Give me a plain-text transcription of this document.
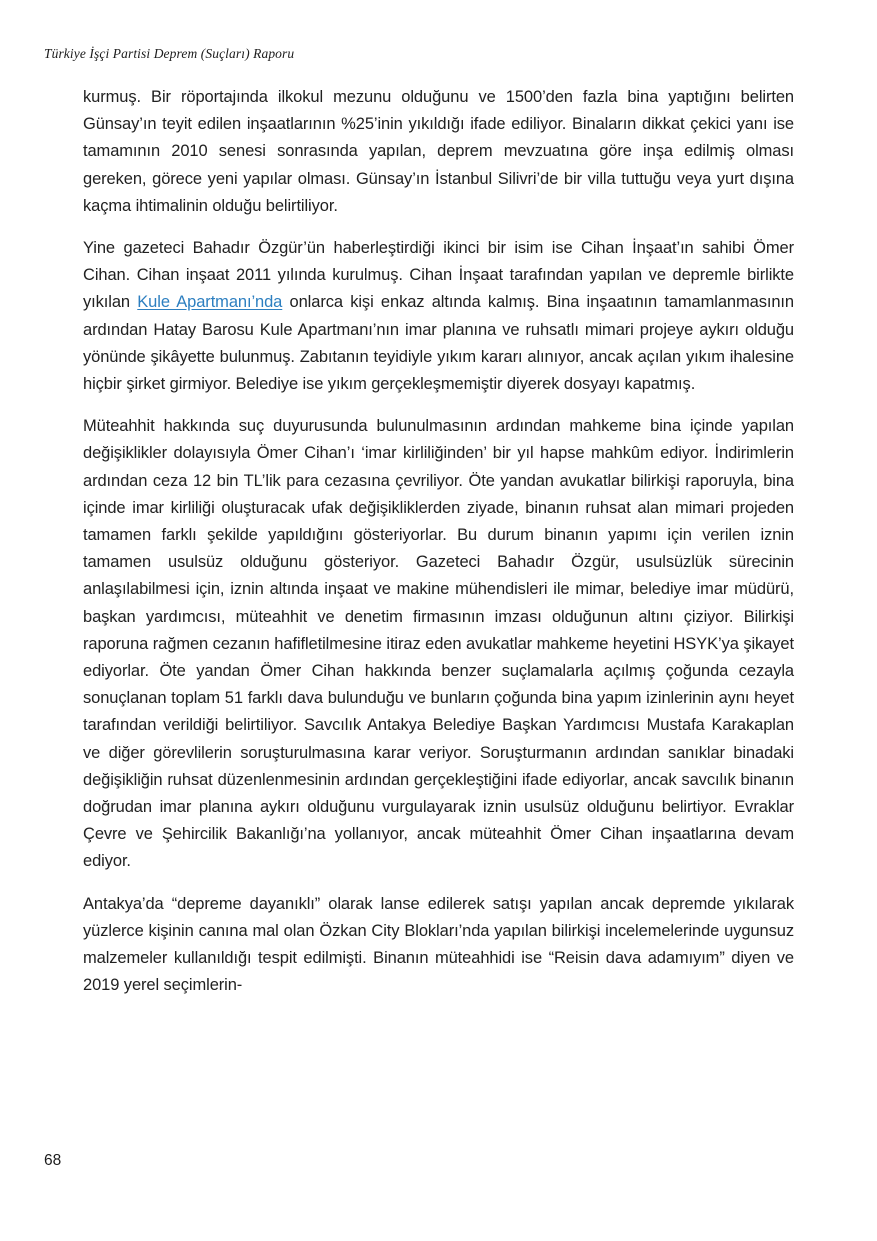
Türkiye İşçi Partisi Deprem (Suçları) Raporu

kurmuş. Bir röportajında ilkokul mezunu olduğunu ve 1500’den fazla bina yaptığını belirten Günsay’ın teyit edilen inşaatlarının %25’inin yıkıldığı ifade ediliyor. Binaların dikkat çekici yanı ise tamamının 2010 senesi sonrasında yapılan, deprem mevzuatına göre inşa edilmiş olması gereken, görece yeni yapılar olması. Günsay’ın İstanbul Silivri’de bir villa tuttuğu veya yurt dışına kaçma ihtimalinin olduğu belirtiliyor.

Yine gazeteci Bahadır Özgür’ün haberleştirdiği ikinci bir isim ise Cihan İnşaat’ın sahibi Ömer Cihan. Cihan inşaat 2011 yılında kurulmuş. Cihan İnşaat tarafından yapılan ve depremle birlikte yıkılan Kule Apartmanı’nda onlarca kişi enkaz altında kalmış. Bina inşaatının tamamlanmasının ardından Hatay Barosu Kule Apartmanı’nın imar planına ve ruhsatlı mimari projeye aykırı olduğu yönünde şikâyette bulunmuş. Zabıtanın teyidiyle yıkım kararı alınıyor, ancak açılan yıkım ihalesine hiçbir şirket girmiyor. Belediye ise yıkım gerçekleşmemiştir diyerek dosyayı kapatmış.

Müteahhit hakkında suç duyurusunda bulunulmasının ardından mahkeme bina içinde yapılan değişiklikler dolayısıyla Ömer Cihan’ı ‘imar kirliliğinden’ bir yıl hapse mahkûm ediyor. İndirimlerin ardından ceza 12 bin TL’lik para cezasına çevriliyor. Öte yandan avukatlar bilirkişi raporuyla, bina içinde imar kirliliği oluşturacak ufak değişikliklerden ziyade, binanın ruhsat alan mimari projeden tamamen farklı şekilde yapıldığını gösteriyorlar. Bu durum binanın yapımı için verilen iznin tamamen usulsüz olduğunu gösteriyor. Gazeteci Bahadır Özgür, usulsüzlük sürecinin anlaşılabilmesi için, iznin altında inşaat ve makine mühendisleri ile mimar, belediye imar müdürü, başkan yardımcısı, müteahhit ve denetim firmasının imzası olduğunun altını çiziyor. Bilirkişi raporuna rağmen cezanın hafifletilmesine itiraz eden avukatlar mahkeme heyetini HSYK’ya şikayet ediyorlar. Öte yandan Ömer Cihan hakkında benzer suçlamalarla açılmış çoğunda cezayla sonuçlanan toplam 51 farklı dava bulunduğu ve bunların çoğunda bina yapım izinlerinin aynı heyet tarafından verildiği belirtiliyor. Savcılık Antakya Belediye Başkan Yardımcısı Mustafa Karakaplan ve diğer görevlilerin soruşturulmasına karar veriyor. Soruşturmanın ardından sanıklar binadaki değişikliğin ruhsat düzenlenmesinin ardından gerçekleştiğini ifade ediyorlar, ancak savcılık binanın doğrudan imar planına aykırı olduğunu vurgulayarak iznin usulsüz olduğunu belirtiyor. Evraklar Çevre ve Şehircilik Bakanlığı’na yollanıyor, ancak müteahhit Ömer Cihan inşaatlarına devam ediyor.

Antakya’da “depreme dayanıklı” olarak lanse edilerek satışı yapılan ancak depremde yıkılarak yüzlerce kişinin canına mal olan Özkan City Blokları’nda yapılan bilirkişi incelemelerinde uygunsuz malzemeler kullanıldığı tespit edilmişti. Binanın müteahhidi ise “Reisin dava adamıyım” diyen ve 2019 yerel seçimlerin-

68
